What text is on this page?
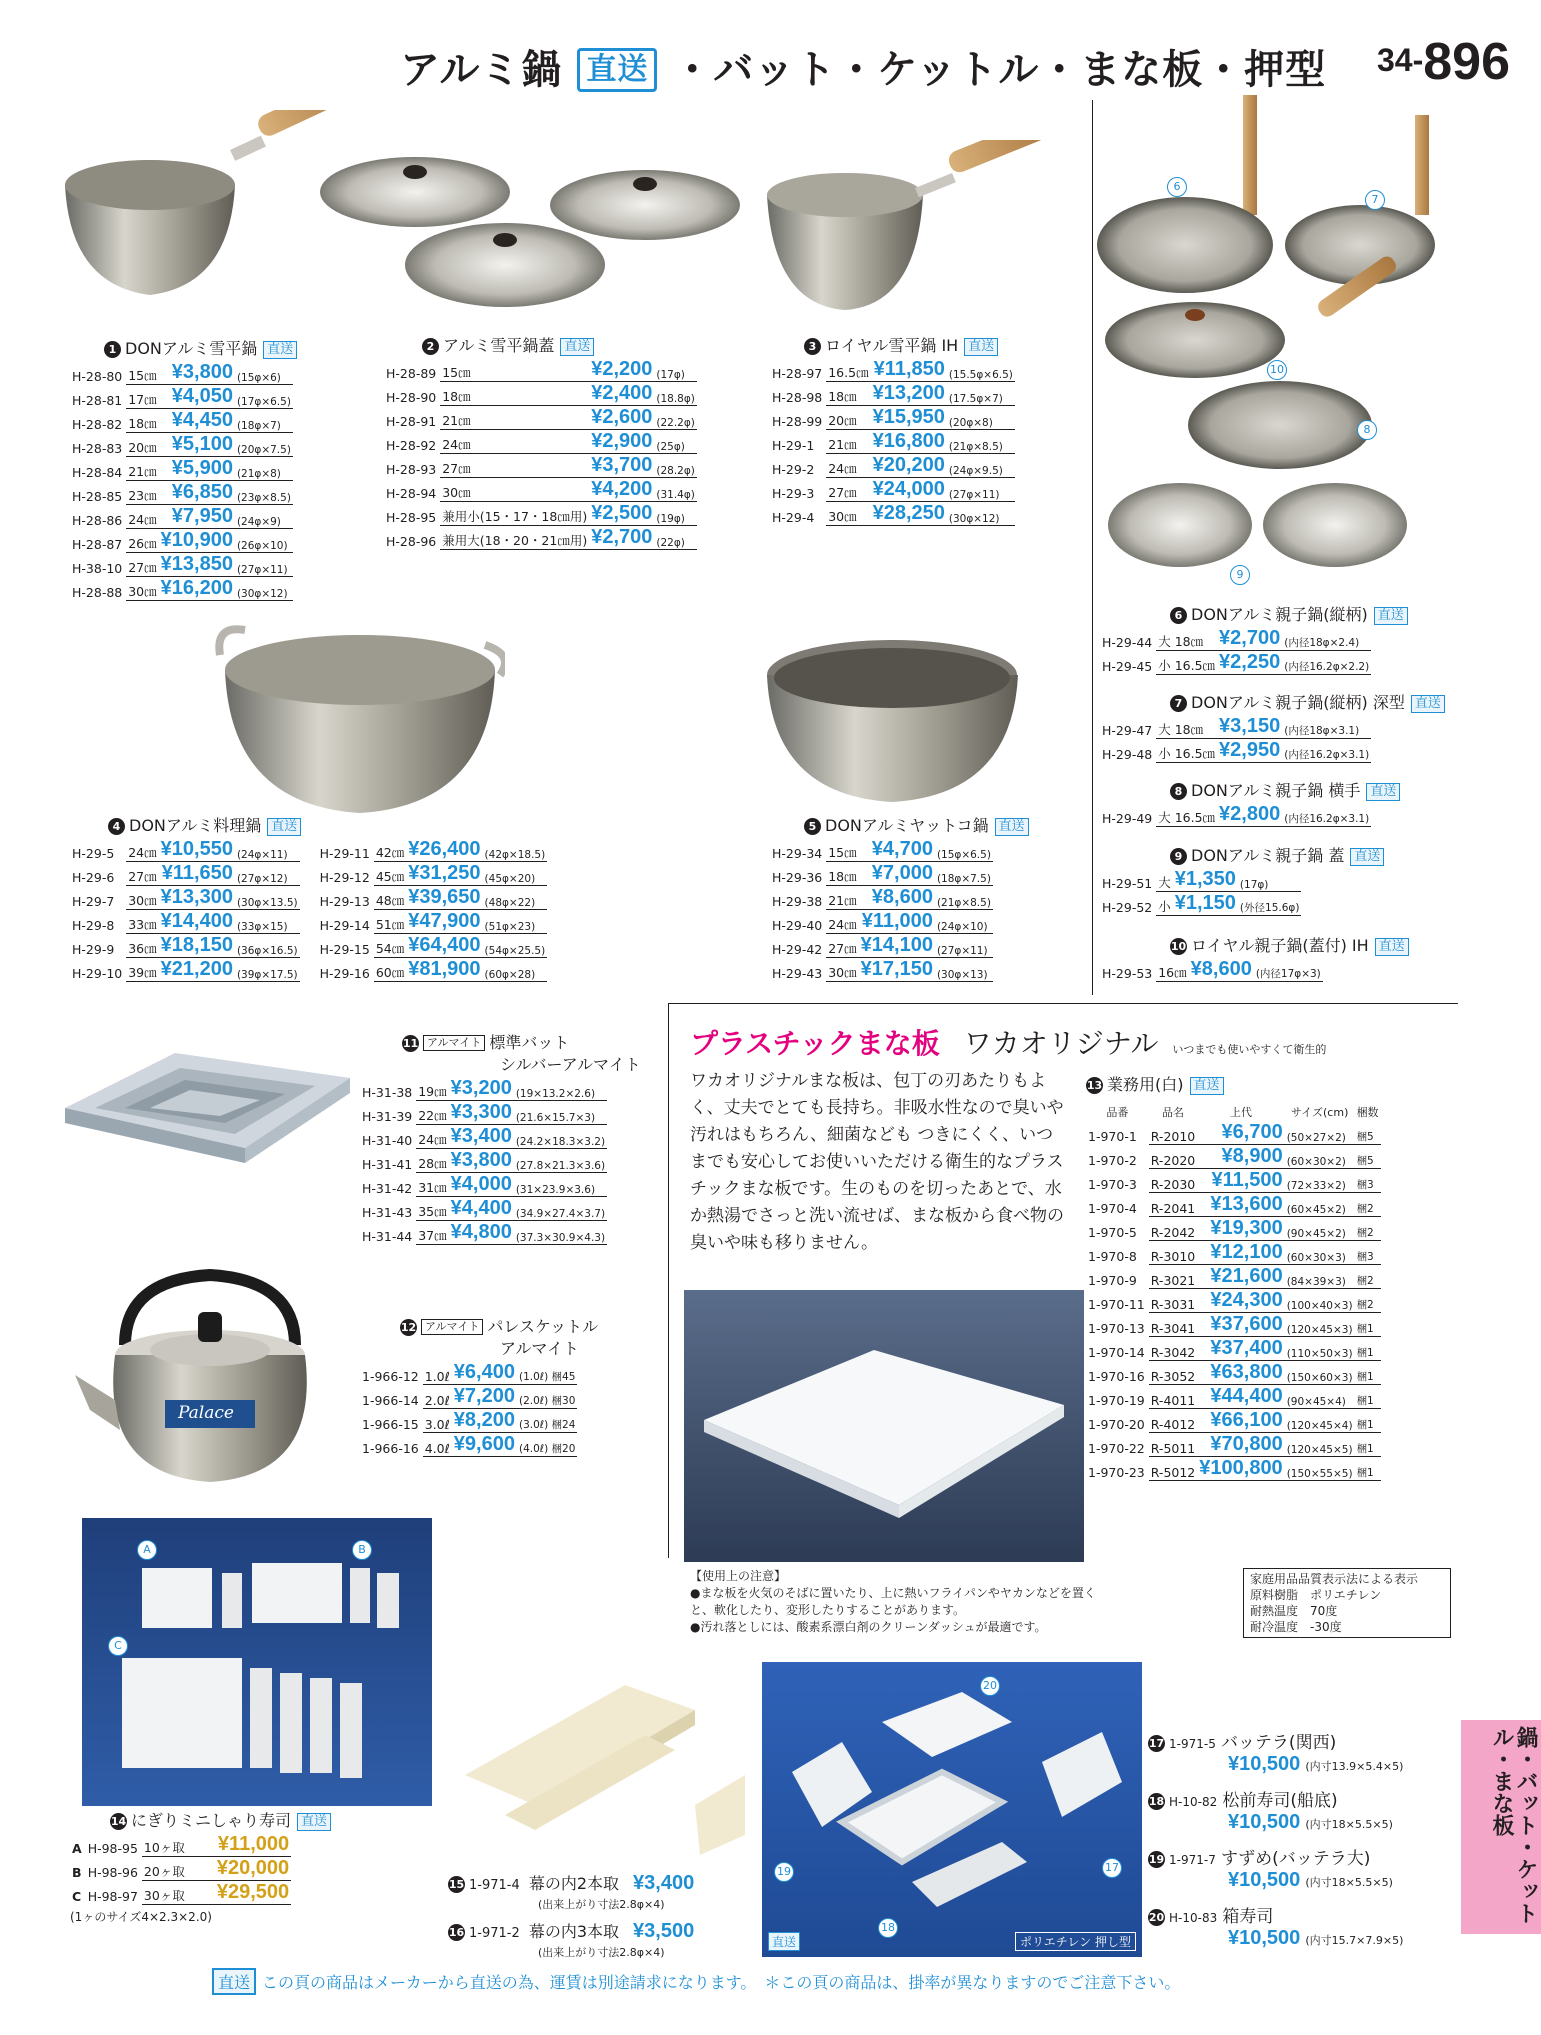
アルミ鍋 直送 ・バット・ケットル・まな板・押型 34-896
6
7
10
8
9
1 DONアルミ雪平鍋 直送
H-28-80	15㎝	¥3,800	(15φ×6)
H-28-81	17㎝	¥4,050	(17φ×6.5)
H-28-82	18㎝	¥4,450	(18φ×7)
H-28-83	20㎝	¥5,100	(20φ×7.5)
H-28-84	21㎝	¥5,900	(21φ×8)
H-28-85	23㎝	¥6,850	(23φ×8.5)
H-28-86	24㎝	¥7,950	(24φ×9)
H-28-87	26㎝	¥10,900	(26φ×10)
H-38-10	27㎝	¥13,850	(27φ×11)
H-28-88	30㎝	¥16,200	(30φ×12)
2 アルミ雪平鍋蓋 直送
H-28-89	15㎝	¥2,200	(17φ)
H-28-90	18㎝	¥2,400	(18.8φ)
H-28-91	21㎝	¥2,600	(22.2φ)
H-28-92	24㎝	¥2,900	(25φ)
H-28-93	27㎝	¥3,700	(28.2φ)
H-28-94	30㎝	¥4,200	(31.4φ)
H-28-95	兼用小(15・17・18㎝用)	¥2,500	(19φ)
H-28-96	兼用大(18・20・21㎝用)	¥2,700	(22φ)
3 ロイヤル雪平鍋 IH 直送
H-28-97	16.5㎝	¥11,850	(15.5φ×6.5)
H-28-98	18㎝	¥13,200	(17.5φ×7)
H-28-99	20㎝	¥15,950	(20φ×8)
H-29-1	21㎝	¥16,800	(21φ×8.5)
H-29-2	24㎝	¥20,200	(24φ×9.5)
H-29-3	27㎝	¥24,000	(27φ×11)
H-29-4	30㎝	¥28,250	(30φ×12)
4 DONアルミ料理鍋 直送
H-29-5	24㎝	¥10,550	(24φ×11)
H-29-6	27㎝	¥11,650	(27φ×12)
H-29-7	30㎝	¥13,300	(30φ×13.5)
H-29-8	33㎝	¥14,400	(33φ×15)
H-29-9	36㎝	¥18,150	(36φ×16.5)
H-29-10	39㎝	¥21,200	(39φ×17.5)
H-29-11	42㎝	¥26,400	(42φ×18.5)
H-29-12	45㎝	¥31,250	(45φ×20)
H-29-13	48㎝	¥39,650	(48φ×22)
H-29-14	51㎝	¥47,900	(51φ×23)
H-29-15	54㎝	¥64,400	(54φ×25.5)
H-29-16	60㎝	¥81,900	(60φ×28)
5 DONアルミヤットコ鍋 直送
H-29-34	15㎝	¥4,700	(15φ×6.5)
H-29-36	18㎝	¥7,000	(18φ×7.5)
H-29-38	21㎝	¥8,600	(21φ×8.5)
H-29-40	24㎝	¥11,000	(24φ×10)
H-29-42	27㎝	¥14,100	(27φ×11)
H-29-43	30㎝	¥17,150	(30φ×13)
6 DONアルミ親子鍋(縦柄) 直送
H-29-44	大 18㎝	¥2,700	(内径18φ×2.4)
H-29-45	小 16.5㎝	¥2,250	(内径16.2φ×2.2)
7 DONアルミ親子鍋(縦柄) 深型 直送
H-29-47	大 18㎝	¥3,150	(内径18φ×3.1)
H-29-48	小 16.5㎝	¥2,950	(内径16.2φ×3.1)
8 DONアルミ親子鍋 横手 直送
H-29-49	大 16.5㎝	¥2,800	(内径16.2φ×3.1)
9 DONアルミ親子鍋 蓋 直送
H-29-51	大	¥1,350	(17φ)
H-29-52	小	¥1,150	(外径15.6φ)
10 ロイヤル親子鍋(蓋付) IH 直送
H-29-53	16㎝	¥8,600	(内径17φ×3)
11 アルマイト 標準バット
シルバーアルマイト
H-31-38	19㎝	¥3,200	(19×13.2×2.6)
H-31-39	22㎝	¥3,300	(21.6×15.7×3)
H-31-40	24㎝	¥3,400	(24.2×18.3×3.2)
H-31-41	28㎝	¥3,800	(27.8×21.3×3.6)
H-31-42	31㎝	¥4,000	(31×23.9×3.6)
H-31-43	35㎝	¥4,400	(34.9×27.4×3.7)
H-31-44	37㎝	¥4,800	(37.3×30.9×4.3)
Palace
12 アルマイト パレスケットル
アルマイト
1-966-12	1.0ℓ	¥6,400	(1.0ℓ) 梱45
1-966-14	2.0ℓ	¥7,200	(2.0ℓ) 梱30
1-966-15	3.0ℓ	¥8,200	(3.0ℓ) 梱24
1-966-16	4.0ℓ	¥9,600	(4.0ℓ) 梱20
プラスチックまな板 ワカオリジナル いつまでも使いやすくて衛生的
ワカオリジナルまな板は、包丁の刃あたりもよく、丈夫でとても長持ち。非吸水性なので臭いや汚れはもちろん、細菌なども つきにくく、いつまでも安心してお使いいただける衛生的なプラスチックまな板です。生のものを切ったあとで、水か熱湯でさっと洗い流せば、まな板から食べ物の臭いや味も移りません。
13 業務用(白) 直送
品番	品名	上代	サイズ(cm)	梱数
1-970-1	R-2010	¥6,700	(50×27×2)	梱5
1-970-2	R-2020	¥8,900	(60×30×2)	梱5
1-970-3	R-2030	¥11,500	(72×33×2)	梱3
1-970-4	R-2041	¥13,600	(60×45×2)	梱2
1-970-5	R-2042	¥19,300	(90×45×2)	梱2
1-970-8	R-3010	¥12,100	(60×30×3)	梱3
1-970-9	R-3021	¥21,600	(84×39×3)	梱2
1-970-11	R-3031	¥24,300	(100×40×3)	梱2
1-970-13	R-3041	¥37,600	(120×45×3)	梱1
1-970-14	R-3042	¥37,400	(110×50×3)	梱1
1-970-16	R-3052	¥63,800	(150×60×3)	梱1
1-970-19	R-4011	¥44,400	(90×45×4)	梱1
1-970-20	R-4012	¥66,100	(120×45×4)	梱1
1-970-22	R-5011	¥70,800	(120×45×5)	梱1
1-970-23	R-5012	¥100,800	(150×55×5)	梱1
【使用上の注意】
●まな板を火気のそばに置いたり、上に熱いフライパンやヤカンなどを置くと、軟化したり、変形したりすることがあります。
●汚れ落としには、酸素系漂白剤のクリーンダッシュが最適です。
家庭用品品質表示法による表示
原料樹脂　ポリエチレン
耐熱温度　70度
耐冷温度　-30度
A	B
C
14 にぎりミニしゃり寿司 直送
A	H-98-95	10ヶ取	¥11,000
B	H-98-96	20ヶ取	¥20,000
C	H-98-97	30ヶ取	¥29,500
(1ヶのサイズ4×2.3×2.0)
15 1-971-4 幕の内2本取 ¥3,400
(出来上がり寸法2.8φ×4)
16 1-971-2 幕の内3本取 ¥3,500
(出来上がり寸法2.8φ×4)
20
19
18
17
直送	ポリエチレン 押し型
17 1-971-5 バッテラ(関西)
¥10,500 (内寸13.9×5.4×5)
18 H-10-82 松前寿司(船底)
¥10,500 (内寸18×5.5×5)
19 1-971-7 すずめ(バッテラ大)
¥10,500 (内寸18×5.5×5)
20 H-10-83 箱寿司
¥10,500 (内寸15.7×7.9×5)
鍋・バット・ケットル・まな板
直送 この頁の商品はメーカーから直送の為、運賃は別途請求になります。　＊この頁の商品は、掛率が異なりますのでご注意下さい。
